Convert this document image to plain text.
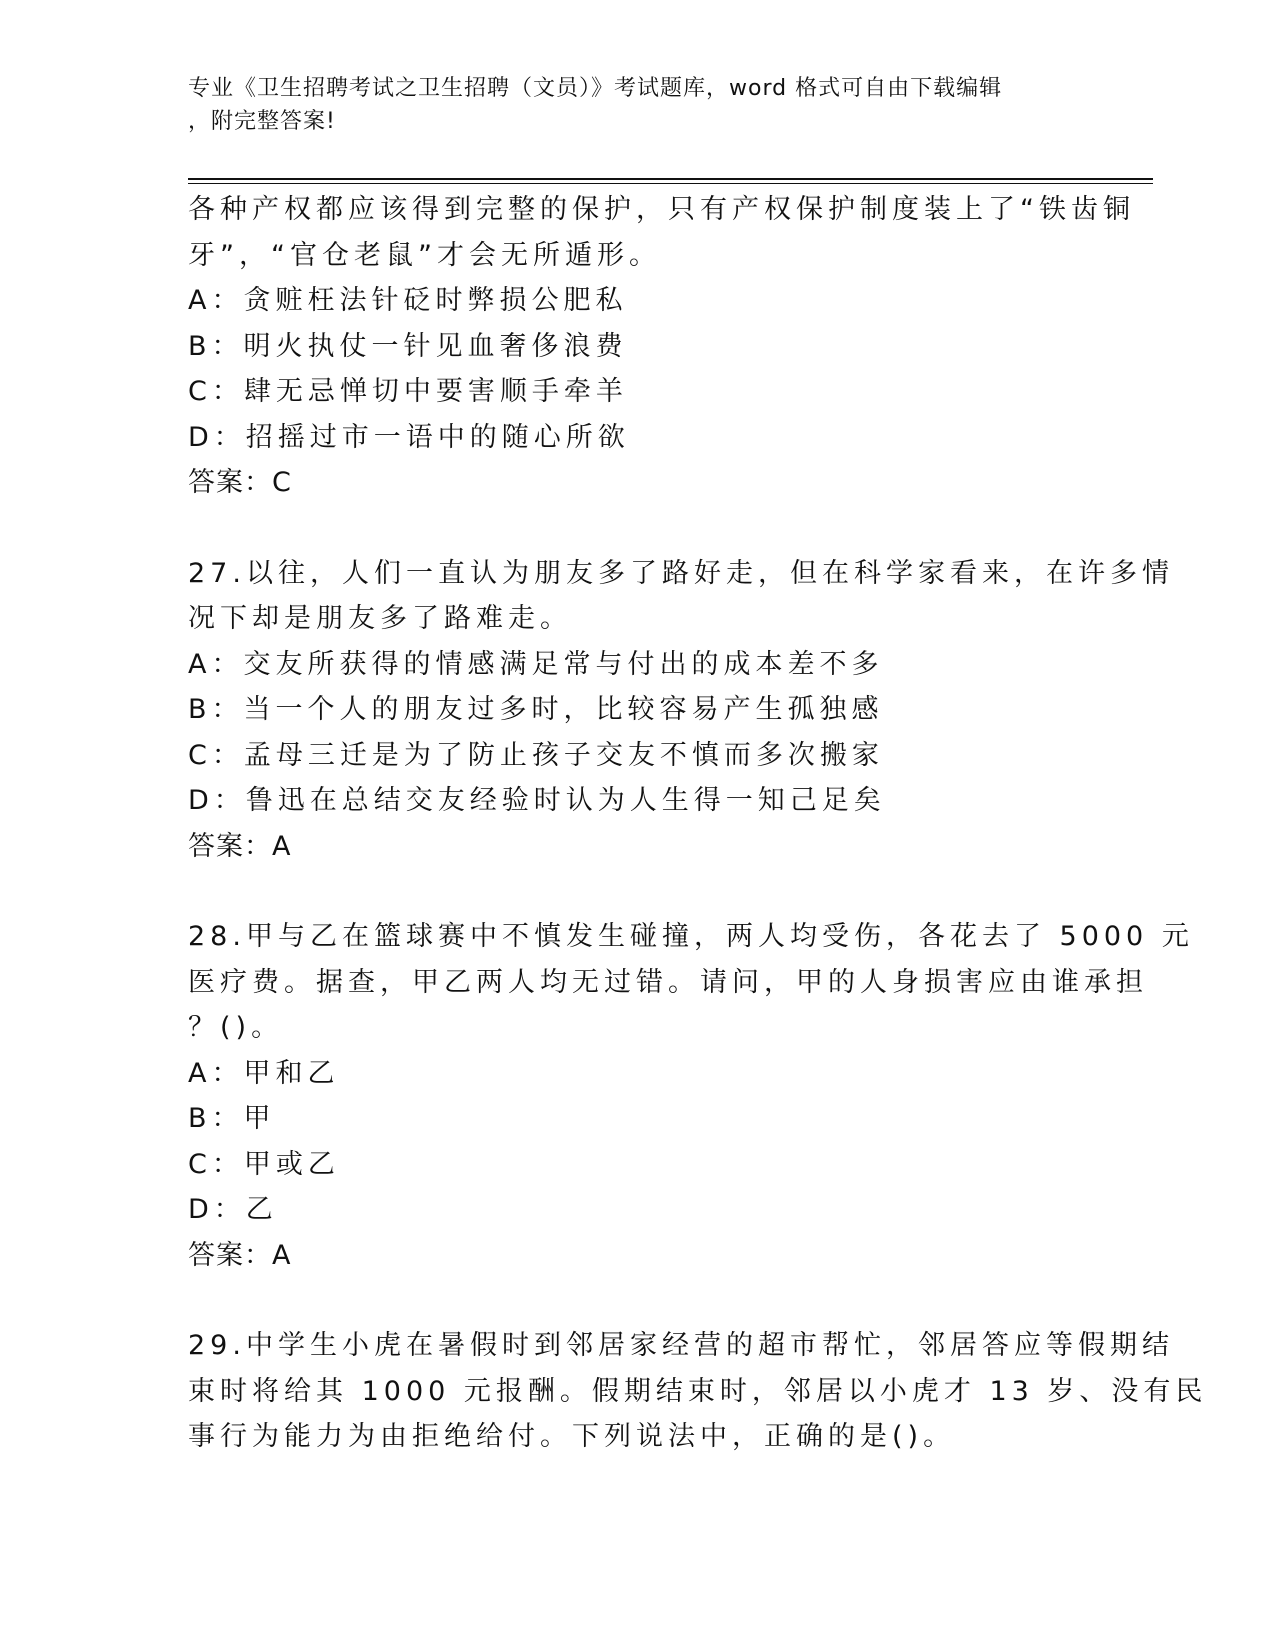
专业《卫生招聘考试之卫生招聘（文员）》考试题库，word 格式可自由下载编辑
，附完整答案!
各种产权都应该得到完整的保护，只有产权保护制度装上了“铁齿铜
牙”，“官仓老鼠”才会无所遁形。
A：贪赃枉法针砭时弊损公肥私
B：明火执仗一针见血奢侈浪费
C：肆无忌惮切中要害顺手牵羊
D：招摇过市一语中的随心所欲
答案：C
27.以往，人们一直认为朋友多了路好走，但在科学家看来，在许多情
况下却是朋友多了路难走。
A：交友所获得的情感满足常与付出的成本差不多
B：当一个人的朋友过多时，比较容易产生孤独感
C：孟母三迁是为了防止孩子交友不慎而多次搬家
D：鲁迅在总结交友经验时认为人生得一知己足矣
答案：A
28.甲与乙在篮球赛中不慎发生碰撞，两人均受伤，各花去了 5000 元
医疗费。据查，甲乙两人均无过错。请问，甲的人身损害应由谁承担
？()。
A：甲和乙
B：甲
C：甲或乙
D：乙
答案：A
29.中学生小虎在暑假时到邻居家经营的超市帮忙，邻居答应等假期结
束时将给其 1000 元报酬。假期结束时，邻居以小虎才 13 岁、没有民
事行为能力为由拒绝给付。下列说法中，正确的是()。
